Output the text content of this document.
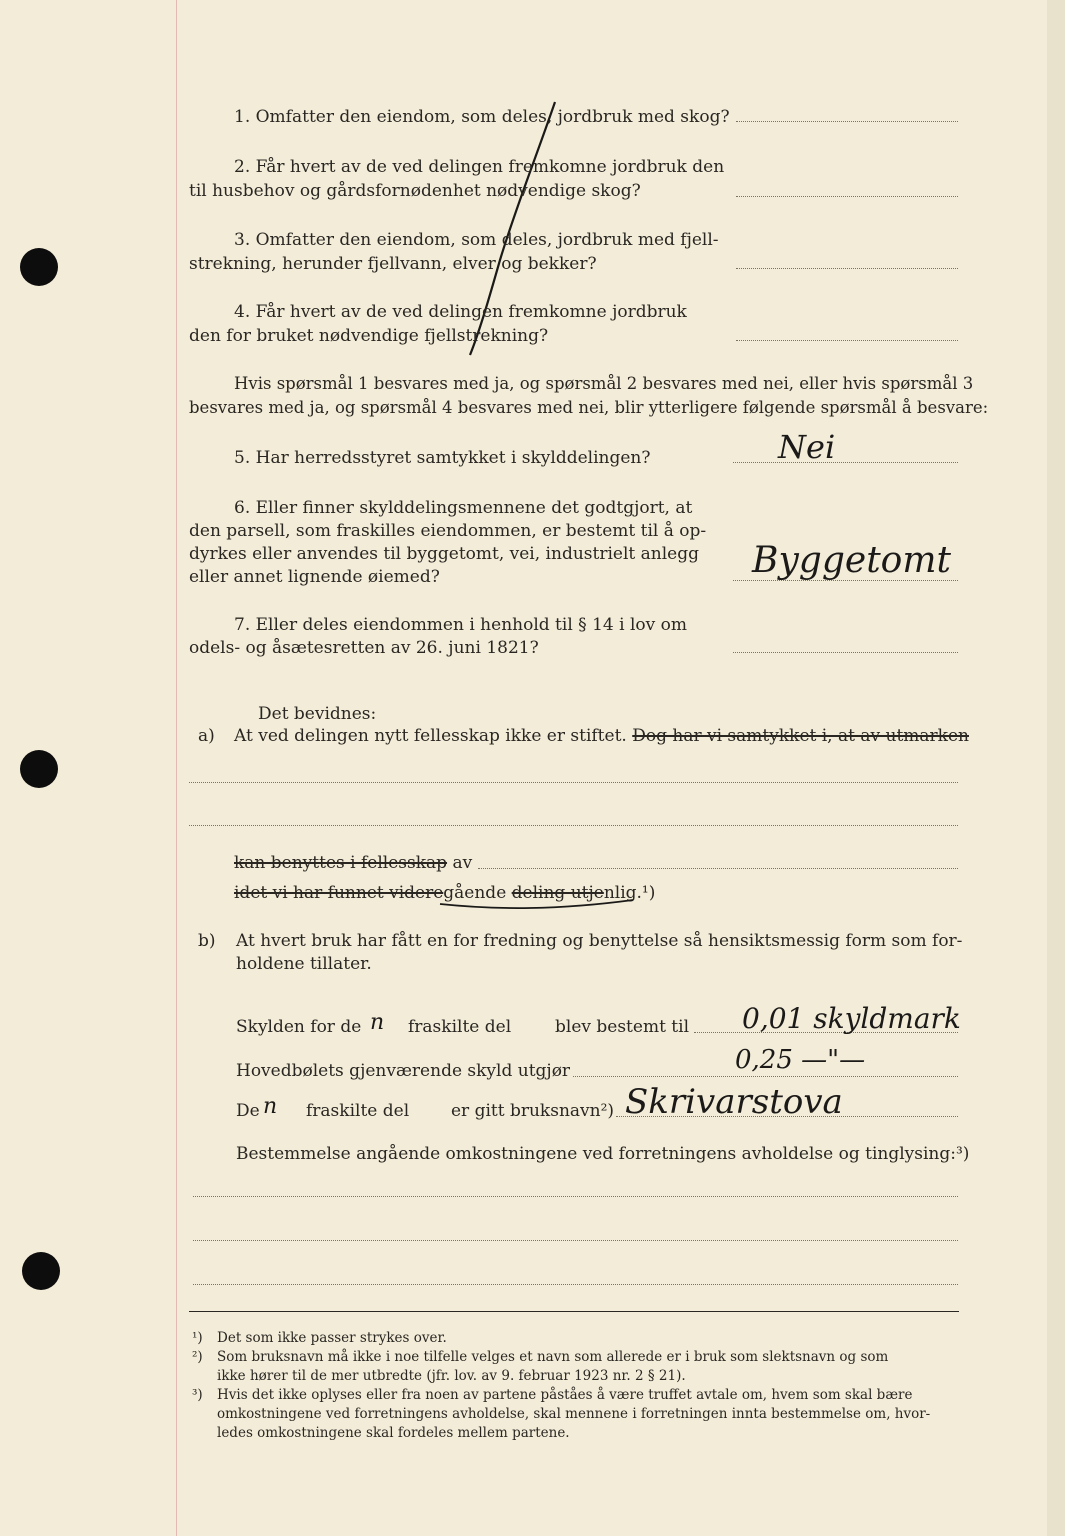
1. Omfatter den eiendom, som deles, jordbruk med skog?
2. Får hvert av de ved delingen fremkomne jordbruk den
til husbehov og gårdsfornødenhet nødvendige skog?
3. Omfatter den eiendom, som deles, jordbruk med fjell-
strekning, herunder fjellvann, elver og bekker?
4. Får hvert av de ved delingen fremkomne jordbruk
den for bruket nødvendige fjellstrekning?
Hvis spørsmål 1 besvares med ja, og spørsmål 2 besvares med nei, eller hvis spørsmål 3
besvares med ja, og spørsmål 4 besvares med nei, blir ytterligere følgende spørsmål å besvare:
5. Har herredsstyret samtykket i skylddelingen?	Nei
6. Eller finner skylddelingsmennene det godtgjort, at
den parsell, som fraskilles eiendommen, er bestemt til å op-
dyrkes eller anvendes til byggetomt, vei, industrielt anlegg
eller annet lignende øiemed?	Byggetomt
7. Eller deles eiendommen i henhold til § 14 i lov om
odels- og åsætesretten av 26. juni 1821?
Det bevidnes:
a) At ved delingen nytt fellesskap ikke er stiftet. Dog har vi samtykket i, at av utmarken
kan benyttes i fellesskap av
idet vi har funnet videregående deling utjenlig.¹)
b) At hvert bruk har fått en for fredning og benyttelse så hensiktsmessig form som for-
holdene tillater.
Skylden for de n fraskilte del	blev bestemt til 0,01 skyldmark
Hovedbølets gjenværende skyld utgjør	0,25 —"—
De n fraskilte del er gitt bruksnavn²) Skrivarstova
Bestemmelse angående omkostningene ved forretningens avholdelse og tinglysing:³)
¹) Det som ikke passer strykes over.
²) Som bruksnavn må ikke i noe tilfelle velges et navn som allerede er i bruk som slektsnavn og som
ikke hører til de mer utbredte (jfr. lov. av 9. februar 1923 nr. 2 § 21).
³) Hvis det ikke oplyses eller fra noen av partene påståes å være truffet avtale om, hvem som skal bære
omkostningene ved forretningens avholdelse, skal mennene i forretningen innta bestemmelse om, hvor-
ledes omkostningene skal fordeles mellem partene.
